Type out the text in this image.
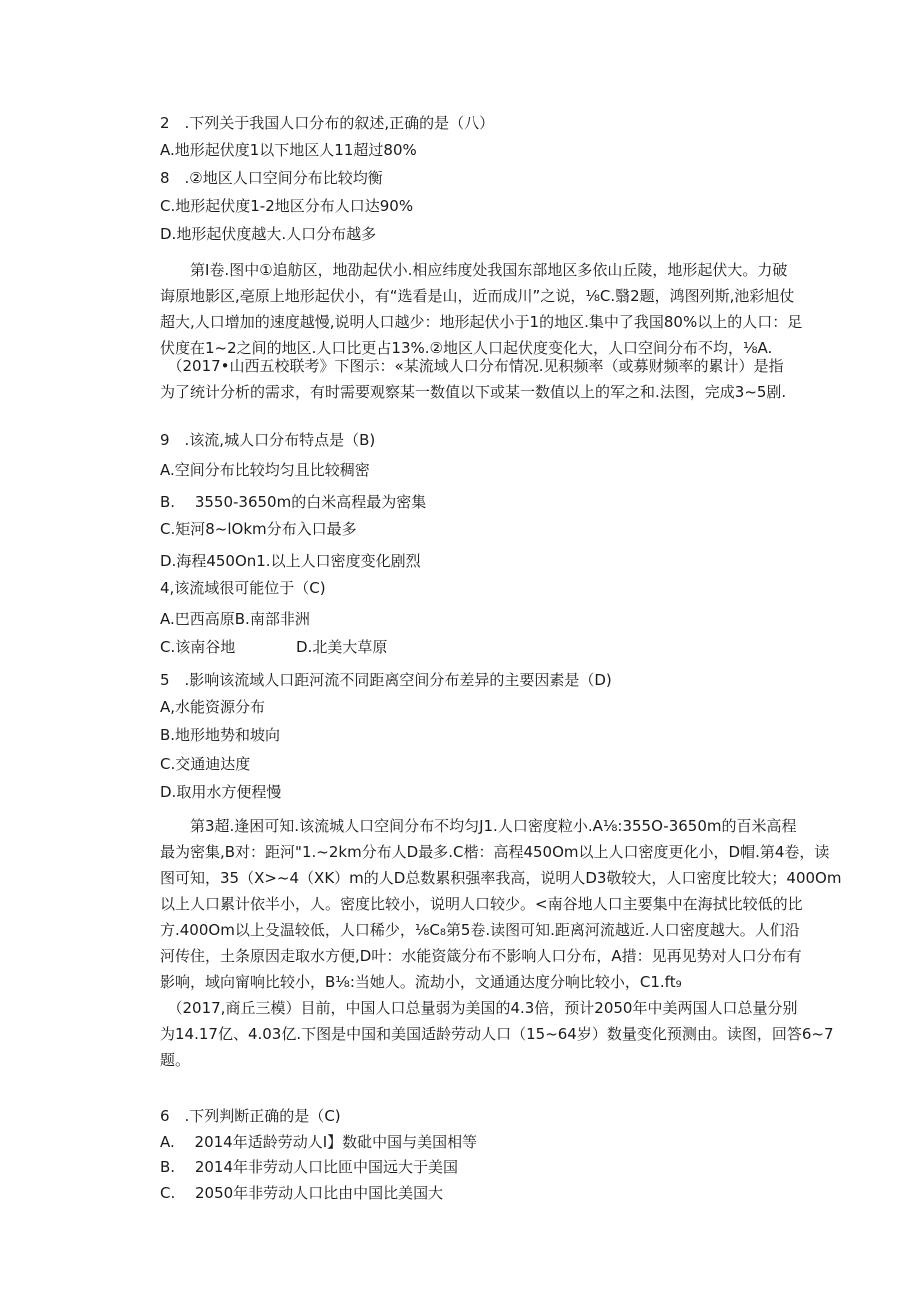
2　.下列关于我国人口分布的叙述,正确的是（八）
A.地形起伏度1以下地区人11超过80%
8　.②地区人口空间分布比较均衡
C.地形起伏度1-2地区分布人口达90%
D.地形起伏度越大.人口分布越多
　　第I卷.图中①追舫区，地劭起伏小.相应纬度处我国东部地区多依山丘陵，地形起伏大。力破
诲原地影区,亳原上地形起伏小，有“选看是山，近而成川”之说，⅛C.翳2题，鸿图列斯,池彩旭仗
超大,人口增加的速度越慢,说明人口越少：地形起伏小于1的地区.集中了我国80%以上的人口：足
伏度在1~2之间的地区.人口比更占13%.②地区人口起伏度变化大，人口空间分布不均，⅛A.
　（2017•山西五校联考》下图示：«某流域人口分布情况.见积频率（或募财频率的累计）是指
为了统计分析的需求，有时需要观察某一数值以下或某一数值以上的军之和.法图，完成3~5剧.
9　.该流,城人口分布特点是（B)
A.空间分布比较均匀且比较稠密
B.　 3550-3650m的白米高程最为密集
C.矩河8~lOkm分布入口最多
D.海程450On1.以上人口密度变化剧烈
4,该流域很可能位于（C)
A.巴西高原B.南部非洲
C.该南谷地	D.北美大草原
5　.影响该流域人口距河流不同距离空间分布差异的主要因素是（D)
A,水能资源分布
B.地形地势和坡向
C.交通迪达度
D.取用水方便程慢
　　第3超.逢困可知.该流城人口空间分布不均匀J1.人口密度粒小.A⅛:355O-3650m的百米高程
最为密集,B对：距河"1.~2km分布人D最多.C楷：高程450Om以上人口密度更化小，D帽.第4卷，读
图可知，35（X>~4（XK）m的人D总数累积强率我高，说明人D3敬较大，人口密度比较大；400Om
以上人口累计依半小，人。密度比较小，说明人口较少。<南谷地人口主要集中在海拭比较低的比
方.400Om以上殳温较低，人口稀少，⅛C₈第5卷.读图可知.距离河流越近.人口密度越大。人们沿
河传住，土条原因走取水方便,D叶：水能资箴分布不影响人口分布，A措：见再见势对人口分布有
影响，域向甯响比较小，B⅛:当她人。流劫小，文通通达度分响比较小，C1.ft₉
　（2017,商丘三模）目前，中国人口总量弱为美国的4.3倍，预计2050年中美两国人口总量分别
为14.17亿、4.03亿.下图是中国和美国适龄劳动人口（15~64岁）数量变化预测由。读图，回答6~7
题。
6　.下列判断正确的是（C)
A.　 2014年适龄劳动人I】数砒中国与美国相等
B.　 2014年非劳动人口比匝中国远大于美国
C.　 2050年非劳动人口比由中国比美国大
